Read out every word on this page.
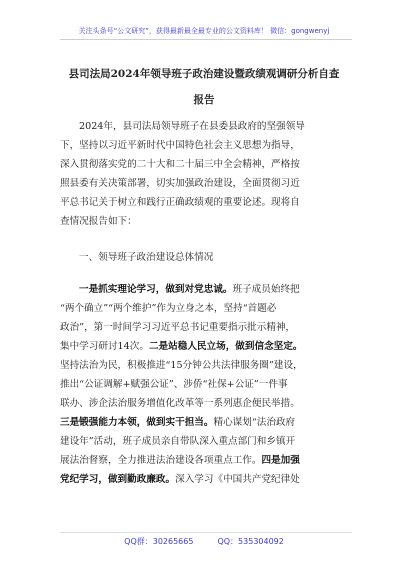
关注头条号“公文研究”，获得最新最全最专业的公文资料库！ 微信：gongwenyj
县司法局2024年领导班子政治建设暨政绩观调研分析自查
报告
2024年，县司法局领导班子在县委县政府的坚强领导
下，坚持以习近平新时代中国特色社会主义思想为指导，
深入贯彻落实党的二十大和二十届三中全会精神，严格按
照县委有关决策部署，切实加强政治建设，全面贯彻习近
平总书记关于树立和践行正确政绩观的重要论述。现将自
查情况报告如下：
一、领导班子政治建设总体情况
一是抓实理论学习，做到对党忠诚。班子成员始终把
“两个确立”“两个维护”作为立身之本，坚持“首题必
政治”，第一时间学习习近平总书记重要指示批示精神，
集中学习研讨14次。二是站稳人民立场，做到信念坚定。
坚持法治为民，积极推进“15分钟公共法律服务圈”建设，
推出“公证调解+赋强公证”、涉侨“社保+公证”一件事
联办、涉企法治服务增值化改革等一系列惠企便民举措。
三是锻强能力本领，做到实干担当。精心谋划“法治政府
建设年”活动，班子成员亲自带队深入重点部门和乡镇开
展法治督察，全力推进法治建设各项重点工作。四是加强
党纪学习，做到勤政廉政。深入学习《中国共产党纪律处
QQ群：30265665	QQ：535304092
